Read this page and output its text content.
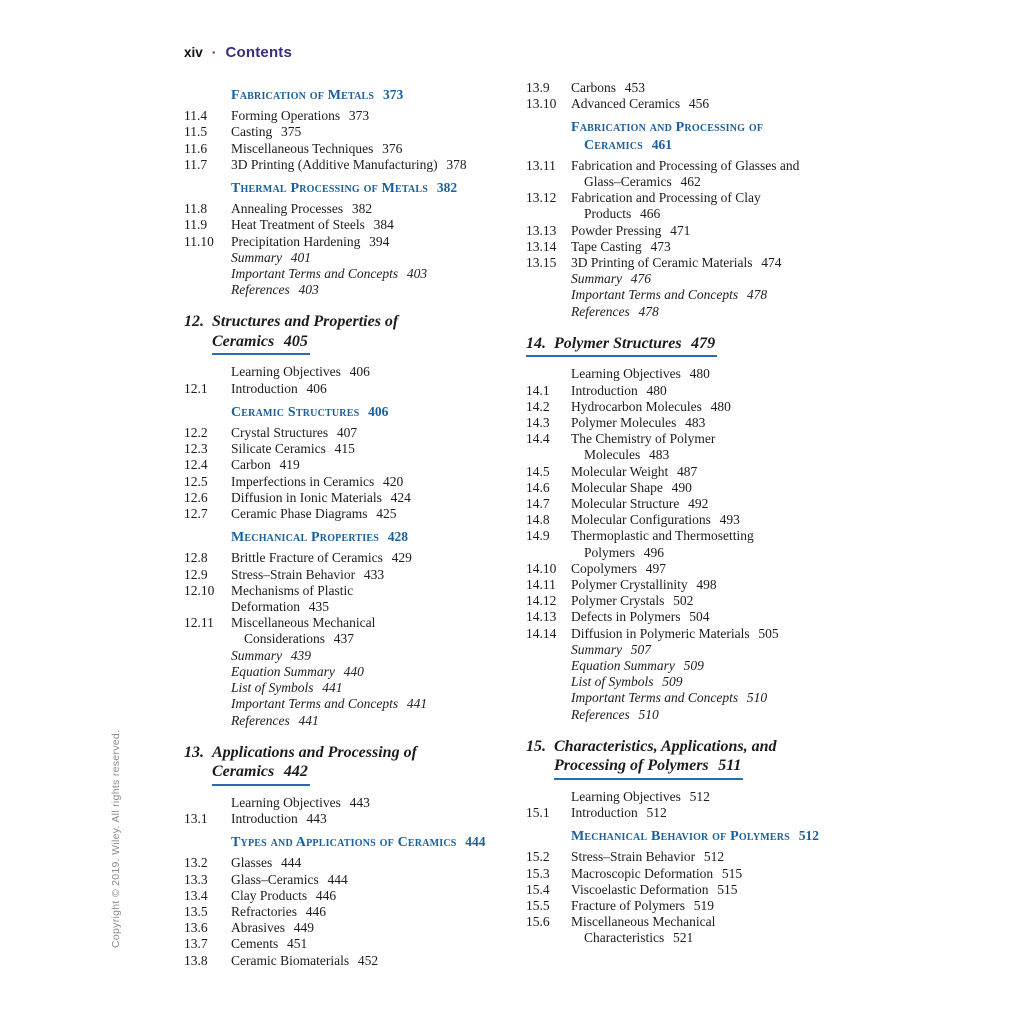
xiv · Contents
Fabrication of Metals 373
11.4	Forming Operations 373
11.5	Casting 375
11.6	Miscellaneous Techniques 376
11.7	3D Printing (Additive Manufacturing) 378
Thermal Processing of Metals 382
11.8	Annealing Processes 382
11.9	Heat Treatment of Steels 384
11.10	Precipitation Hardening 394
Summary 401
Important Terms and Concepts 403
References 403
12. Structures and Properties of
Ceramics 405
Learning Objectives 406
12.1	Introduction 406
Ceramic Structures 406
12.2	Crystal Structures 407
12.3	Silicate Ceramics 415
12.4	Carbon 419
12.5	Imperfections in Ceramics 420
12.6	Diffusion in Ionic Materials 424
12.7	Ceramic Phase Diagrams 425
Mechanical Properties 428
12.8	Brittle Fracture of Ceramics 429
12.9	Stress–Strain Behavior 433
12.10	Mechanisms of Plastic
Deformation 435
12.11	Miscellaneous Mechanical
Considerations 437
Summary 439
Equation Summary 440
List of Symbols 441
Important Terms and Concepts 441
References 441
13. Applications and Processing of
Ceramics 442
Learning Objectives 443
13.1	Introduction 443
Types and Applications of Ceramics 444
13.2	Glasses 444
13.3	Glass–Ceramics 444
13.4	Clay Products 446
13.5	Refractories 446
13.6	Abrasives 449
13.7	Cements 451
13.8	Ceramic Biomaterials 452
13.9	Carbons 453
13.10	Advanced Ceramics 456
Fabrication and Processing of
Ceramics 461
13.11	Fabrication and Processing of Glasses and
Glass–Ceramics 462
13.12	Fabrication and Processing of Clay
Products 466
13.13	Powder Pressing 471
13.14	Tape Casting 473
13.15	3D Printing of Ceramic Materials 474
Summary 476
Important Terms and Concepts 478
References 478
14. Polymer Structures 479
Learning Objectives 480
14.1	Introduction 480
14.2	Hydrocarbon Molecules 480
14.3	Polymer Molecules 483
14.4	The Chemistry of Polymer
Molecules 483
14.5	Molecular Weight 487
14.6	Molecular Shape 490
14.7	Molecular Structure 492
14.8	Molecular Configurations 493
14.9	Thermoplastic and Thermosetting
Polymers 496
14.10	Copolymers 497
14.11	Polymer Crystallinity 498
14.12	Polymer Crystals 502
14.13	Defects in Polymers 504
14.14	Diffusion in Polymeric Materials 505
Summary 507
Equation Summary 509
List of Symbols 509
Important Terms and Concepts 510
References 510
15. Characteristics, Applications, and
Processing of Polymers 511
Learning Objectives 512
15.1	Introduction 512
Mechanical Behavior of Polymers 512
15.2	Stress–Strain Behavior 512
15.3	Macroscopic Deformation 515
15.4	Viscoelastic Deformation 515
15.5	Fracture of Polymers 519
15.6	Miscellaneous Mechanical
Characteristics 521
Copyright © 2019. Wiley. All rights reserved.
